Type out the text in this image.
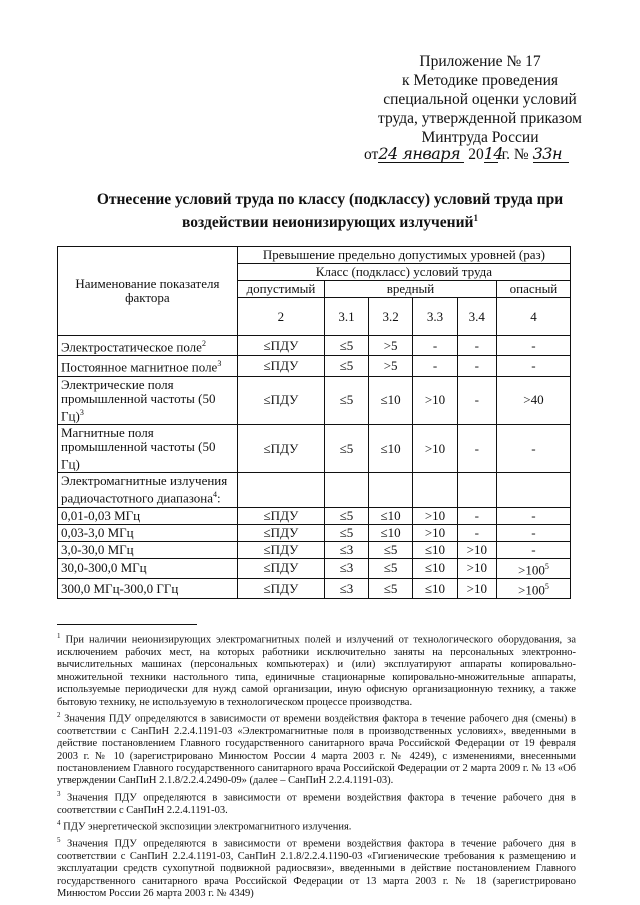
Приложение № 17
к Методике проведения
специальной оценки условий
труда, утвержденной приказом
Минтруда России
от24 января 2014 г. № 33н
Отнесение условий труда по классу (подклассу) условий труда при воздействии неионизирующих излучений$^1$
Наименование показателя фактора	Превышение предельно допустимых уровней (раз)					
	Класс (подкласс) условий труда					
	допустимый	вредный				опасный
	2	3.1	3.2	3.3	3.4	4
Электростатическое поле$^2$	≤ПДУ	≤5	>5	-	-	-
Постоянное магнитное поле$^3$	≤ПДУ	≤5	>5	-	-	-
Электрические поля промышленной частоты (50 Гц)$^3$	≤ПДУ	≤5	≤10	>10	-	>40
Магнитные поля промышленной частоты (50 Гц)	≤ПДУ	≤5	≤10	>10	-	-
Электромагнитные излучения радиочастотного диапазона$^4$:						
0,01-0,03 МГц	≤ПДУ	≤5	≤10	>10	-	-
0,03-3,0 МГц	≤ПДУ	≤5	≤10	>10	-	-
3,0-30,0 МГц	≤ПДУ	≤3	≤5	≤10	>10	-
30,0-300,0 МГц	≤ПДУ	≤3	≤5	≤10	>10	$>100^5$
300,0 МГц-300,0 ГГц	≤ПДУ	≤3	≤5	≤10	>10	$>100^5$

$^1$ При наличии неионизирующих электромагнитных полей и излучений от технологического оборудования, за исключением рабочих мест, на которых работники исключительно заняты на персональных электронно-вычислительных машинах (персональных компьютерах) и (или) эксплуатируют аппараты копировально-множительной техники настольного типа, единичные стационарные копировально-множительные аппараты, используемые периодически для нужд самой организации, иную офисную организационную технику, а также бытовую технику, не используемую в технологическом процессе производства.

$^2$ Значения ПДУ определяются в зависимости от времени воздействия фактора в течение рабочего дня (смены) в соответствии с СанПиН 2.2.4.1191-03 «Электромагнитные поля в производственных условиях», введенными в действие постановлением Главного государственного санитарного врача Российской Федерации от 19 февраля 2003 г. № 10 (зарегистрировано Минюстом России 4 марта 2003 г. № 4249), с изменениями, внесенными постановлением Главного государственного санитарного врача Российской Федерации от 2 марта 2009 г. № 13 «Об утверждении СанПиН 2.1.8/2.2.4.2490-09» (далее – СанПиН 2.2.4.1191-03).

$^3$ Значения ПДУ определяются в зависимости от времени воздействия фактора в течение рабочего дня в соответствии с СанПиН 2.2.4.1191-03.

$^4$ ПДУ энергетической экспозиции электромагнитного излучения.

$^5$ Значения ПДУ определяются в зависимости от времени воздействия фактора в течение рабочего дня в соответствии с СанПиН 2.2.4.1191-03, СанПиН 2.1.8/2.2.4.1190-03 «Гигиенические требования к размещению и эксплуатации средств сухопутной подвижной радиосвязи», введенными в действие постановлением Главного государственного санитарного врача Российской Федерации от 13 марта 2003 г. № 18 (зарегистрировано Минюстом России 26 марта 2003 г. № 4349)
